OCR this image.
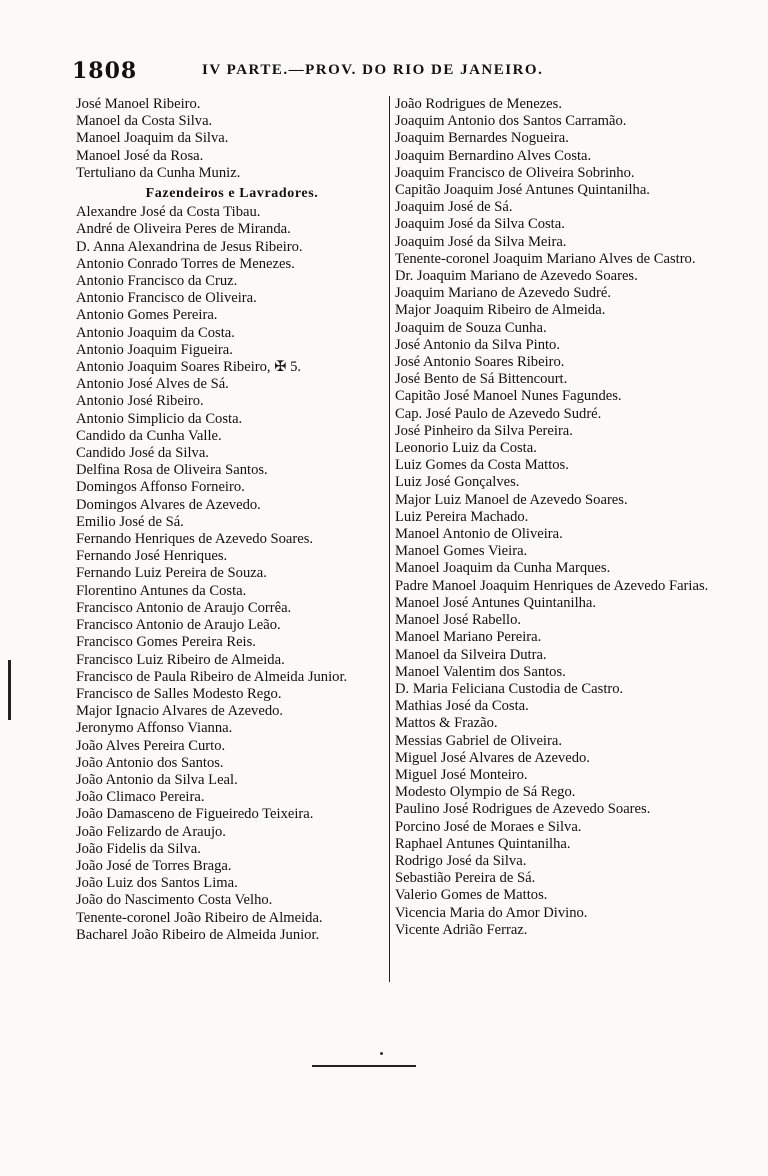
1808	IV PARTE.—PROV. DO RIO DE JANEIRO.
José Manoel Ribeiro.
Manoel da Costa Silva.
Manoel Joaquim da Silva.
Manoel José da Rosa.
Tertuliano da Cunha Muniz.
Fazendeiros e Lavradores.
Alexandre José da Costa Tibau.
André de Oliveira Peres de Miranda.
D. Anna Alexandrina de Jesus Ribeiro.
Antonio Conrado Torres de Menezes.
Antonio Francisco da Cruz.
Antonio Francisco de Oliveira.
Antonio Gomes Pereira.
Antonio Joaquim da Costa.
Antonio Joaquim Figueira.
Antonio Joaquim Soares Ribeiro, ✠ 5.
Antonio José Alves de Sá.
Antonio José Ribeiro.
Antonio Simplicio da Costa.
Candido da Cunha Valle.
Candido José da Silva.
Delfina Rosa de Oliveira Santos.
Domingos Affonso Forneiro.
Domingos Alvares de Azevedo.
Emilio José de Sá.
Fernando Henriques de Azevedo Soares.
Fernando José Henriques.
Fernando Luiz Pereira de Souza.
Florentino Antunes da Costa.
Francisco Antonio de Araujo Corrêa.
Francisco Antonio de Araujo Leão.
Francisco Gomes Pereira Reis.
Francisco Luiz Ribeiro de Almeida.
Francisco de Paula Ribeiro de Almeida Junior.
Francisco de Salles Modesto Rego.
Major Ignacio Alvares de Azevedo.
Jeronymo Affonso Vianna.
João Alves Pereira Curto.
João Antonio dos Santos.
João Antonio da Silva Leal.
João Climaco Pereira.
João Damasceno de Figueiredo Teixeira.
João Felizardo de Araujo.
João Fidelis da Silva.
João José de Torres Braga.
João Luiz dos Santos Lima.
João do Nascimento Costa Velho.
Tenente-coronel João Ribeiro de Almeida.
Bacharel João Ribeiro de Almeida Junior.
João Rodrigues de Menezes.
Joaquim Antonio dos Santos Carramão.
Joaquim Bernardes Nogueira.
Joaquim Bernardino Alves Costa.
Joaquim Francisco de Oliveira Sobrinho.
Capitão Joaquim José Antunes Quintanilha.
Joaquim José de Sá.
Joaquim José da Silva Costa.
Joaquim José da Silva Meira.
Tenente-coronel Joaquim Mariano Alves de Castro.
Dr. Joaquim Mariano de Azevedo Soares.
Joaquim Mariano de Azevedo Sudré.
Major Joaquim Ribeiro de Almeida.
Joaquim de Souza Cunha.
José Antonio da Silva Pinto.
José Antonio Soares Ribeiro.
José Bento de Sá Bittencourt.
Capitão José Manoel Nunes Fagundes.
Cap. José Paulo de Azevedo Sudré.
José Pinheiro da Silva Pereira.
Leonorio Luiz da Costa.
Luiz Gomes da Costa Mattos.
Luiz José Gonçalves.
Major Luiz Manoel de Azevedo Soares.
Luiz Pereira Machado.
Manoel Antonio de Oliveira.
Manoel Gomes Vieira.
Manoel Joaquim da Cunha Marques.
Padre Manoel Joaquim Henriques de Azevedo Farias.
Manoel José Antunes Quintanilha.
Manoel José Rabello.
Manoel Mariano Pereira.
Manoel da Silveira Dutra.
Manoel Valentim dos Santos.
D. Maria Feliciana Custodia de Castro.
Mathias José da Costa.
Mattos & Frazão.
Messias Gabriel de Oliveira.
Miguel José Alvares de Azevedo.
Miguel José Monteiro.
Modesto Olympio de Sá Rego.
Paulino José Rodrigues de Azevedo Soares.
Porcino José de Moraes e Silva.
Raphael Antunes Quintanilha.
Rodrigo José da Silva.
Sebastião Pereira de Sá.
Valerio Gomes de Mattos.
Vicencia Maria do Amor Divino.
Vicente Adrião Ferraz.
